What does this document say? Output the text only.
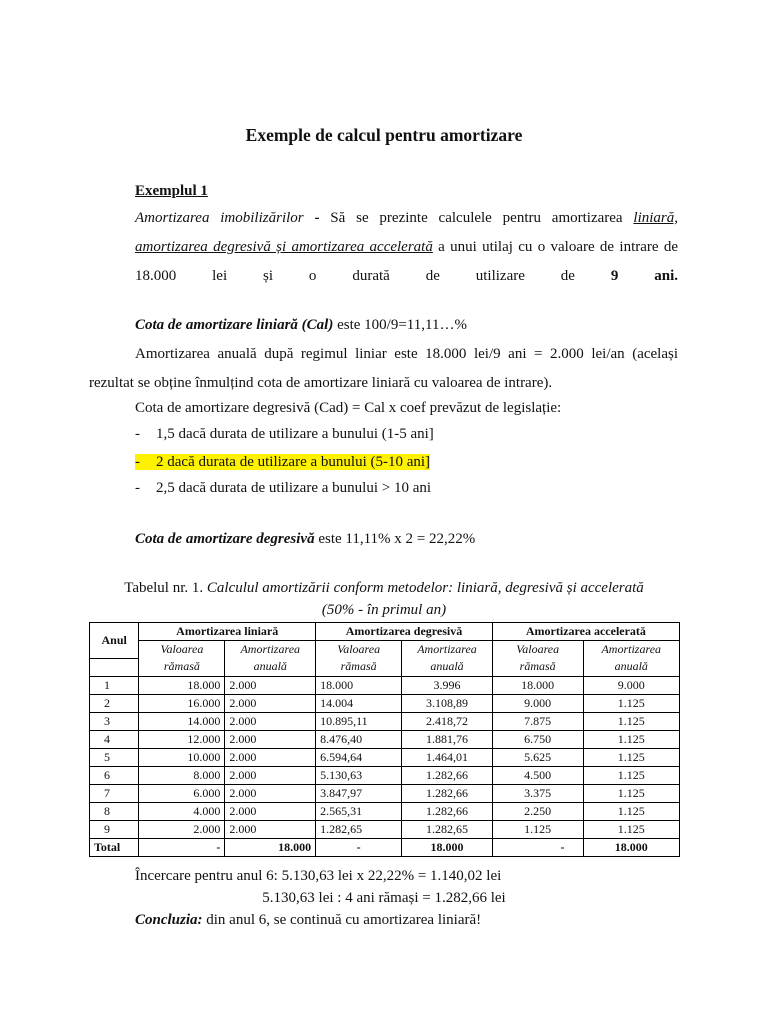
Exemple de calcul pentru amortizare
Exemplul 1
Amortizarea imobilizărilor - Să se prezinte calculele pentru amortizarea liniară, amortizarea degresivă și amortizarea accelerată a unui utilaj cu o valoare de intrare de 18.000 lei și o durată de utilizare de 9 ani.
Cota de amortizare liniară (Cal) este 100/9=11,11…%
Amortizarea anuală după regimul liniar este 18.000 lei/9 ani = 2.000 lei/an (același
rezultat se obține înmulțind cota de amortizare liniară cu valoarea de intrare).
Cota de amortizare degresivă (Cad) = Cal x coef prevăzut de legislație:
- 1,5 dacă durata de utilizare a bunului (1-5 ani]
- 2 dacă durata de utilizare a bunului (5-10 ani]
- 2,5 dacă durata de utilizare a bunului > 10 ani
Cota de amortizare degresivă este 11,11% x 2 = 22,22%
Tabelul nr. 1. Calculul amortizării conform metodelor: liniară, degresivă și accelerată
(50% - în primul an)
Anul	Amortizarea liniară		Amortizarea degresivă		Amortizarea accelerată	
	Valoarea	Amortizarea	Valoarea	Amortizarea	Valoarea	Amortizarea
	rămasă	anuală	rămasă	anuală	rămasă	anuală
1	18.000	2.000	18.000	3.996	18.000	9.000
2	16.000	2.000	14.004	3.108,89	9.000	1.125
3	14.000	2.000	10.895,11	2.418,72	7.875	1.125
4	12.000	2.000	8.476,40	1.881,76	6.750	1.125
5	10.000	2.000	6.594,64	1.464,01	5.625	1.125
6	8.000	2.000	5.130,63	1.282,66	4.500	1.125
7	6.000	2.000	3.847,97	1.282,66	3.375	1.125
8	4.000	2.000	2.565,31	1.282,66	2.250	1.125
9	2.000	2.000	1.282,65	1.282,65	1.125	1.125
Total	-	18.000	-	18.000	-	18.000
Încercare pentru anul 6: 5.130,63 lei x 22,22% = 1.140,02 lei
5.130,63 lei : 4 ani rămași = 1.282,66 lei
Concluzia: din anul 6, se continuă cu amortizarea liniară!
